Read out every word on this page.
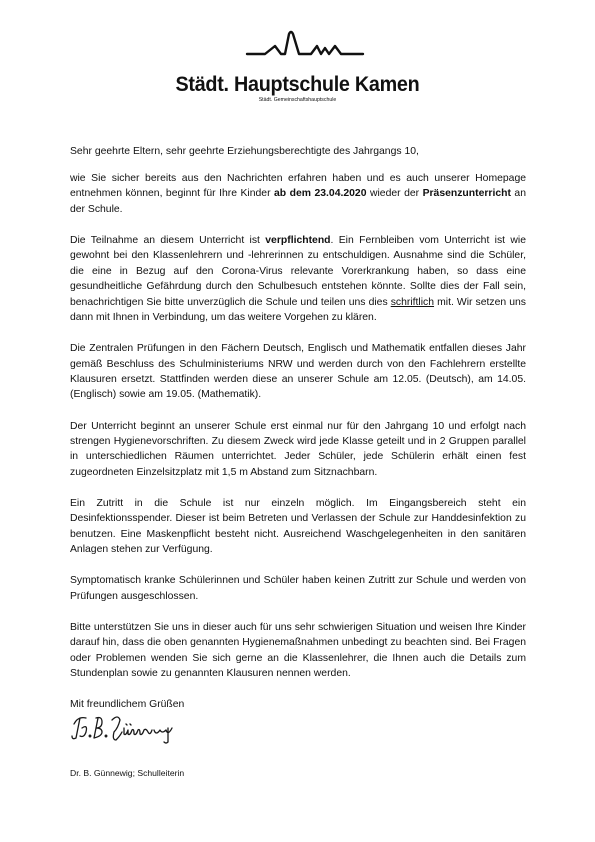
Städt. Hauptschule Kamen

Städt. Gemeinschaftshauptschule

Sehr geehrte Eltern, sehr geehrte Erziehungsberechtigte des Jahrgangs 10,

wie Sie sicher bereits aus den Nachrichten erfahren haben und es auch unserer Homepage entnehmen können, beginnt für Ihre Kinder ab dem 23.04.2020 wieder der Präsenzunterricht an der Schule.

Die Teilnahme an diesem Unterricht ist verpflichtend. Ein Fernbleiben vom Unterricht ist wie gewohnt bei den Klassenlehrern und -lehrerinnen zu entschuldigen. Ausnahme sind die Schüler, die eine in Bezug auf den Corona-Virus relevante Vorerkrankung haben, so dass eine gesundheitliche Gefährdung durch den Schulbesuch entstehen könnte. Sollte dies der Fall sein, benachrichtigen Sie bitte unverzüglich die Schule und teilen uns dies schriftlich mit. Wir setzen uns dann mit Ihnen in Verbindung, um das weitere Vorgehen zu klären.

Die Zentralen Prüfungen in den Fächern Deutsch, Englisch und Mathematik entfallen dieses Jahr gemäß Beschluss des Schulministeriums NRW und werden durch von den Fachlehrern erstellte Klausuren ersetzt. Stattfinden werden diese an unserer Schule am 12.05. (Deutsch), am 14.05. (Englisch) sowie am 19.05. (Mathematik).

Der Unterricht beginnt an unserer Schule erst einmal nur für den Jahrgang 10 und erfolgt nach strengen Hygienevorschriften. Zu diesem Zweck wird jede Klasse geteilt und in 2 Gruppen parallel in unterschiedlichen Räumen unterrichtet. Jeder Schüler, jede Schülerin erhält einen fest zugeordneten Einzelsitzplatz mit 1,5 m Abstand zum Sitznachbarn.

Ein Zutritt in die Schule ist nur einzeln möglich. Im Eingangsbereich steht ein Desinfektionsspender. Dieser ist beim Betreten und Verlassen der Schule zur Handdesinfektion zu benutzen. Eine Maskenpflicht besteht nicht. Ausreichend Waschgelegenheiten in den sanitären Anlagen stehen zur Verfügung.

Symptomatisch kranke Schülerinnen und Schüler haben keinen Zutritt zur Schule und werden von Prüfungen ausgeschlossen.

Bitte unterstützen Sie uns in dieser auch für uns sehr schwierigen Situation und weisen Ihre Kinder darauf hin, dass die oben genannten Hygienemaßnahmen unbedingt zu beachten sind. Bei Fragen oder Problemen wenden Sie sich gerne an die Klassenlehrer, die Ihnen auch die Details zum Stundenplan sowie zu genannten Klausuren nennen werden.

Mit freundlichem Grüßen

Dr. B. Günnewig; Schulleiterin
